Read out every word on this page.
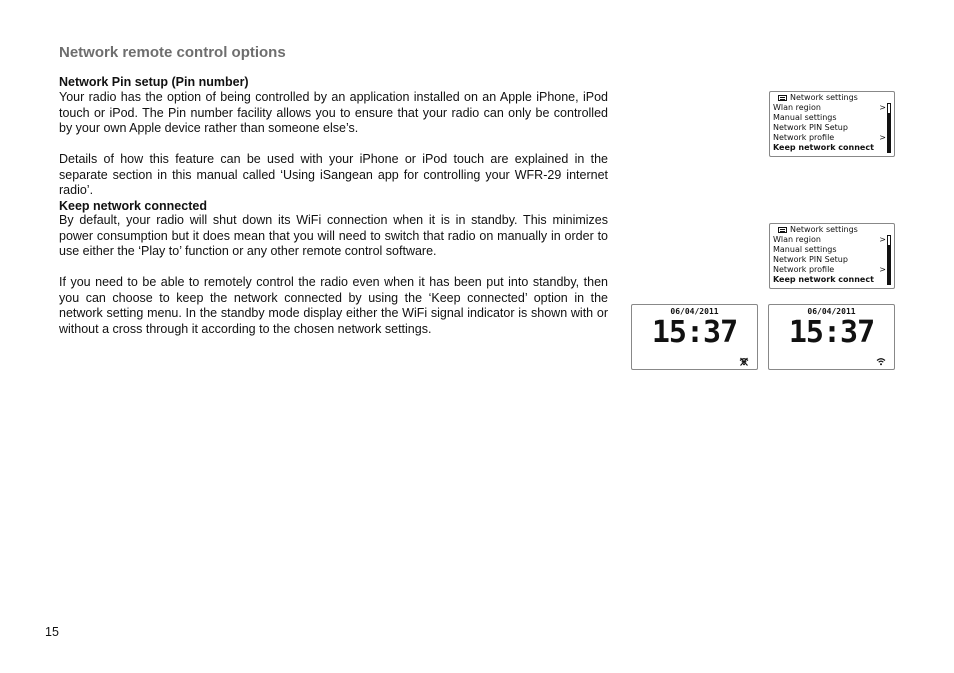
Network remote control options
Network Pin setup (Pin number)

Your radio has the option of being controlled by an application installed on an Apple iPhone, iPod touch or iPod. The Pin number facility allows you to ensure that your radio can only be controlled by your own Apple device rather than someone else’s.

Details of how this feature can be used with your iPhone or iPod touch are explained in the separate section in this manual called ‘Using iSangean app for controlling your WFR-29 internet radio’.

Keep network connected

By default, your radio will shut down its WiFi connection when it is in standby. This minimizes power consumption but it does mean that you will need to switch that radio on manually in order to use either the ‘Play to’ function or any other remote control software.

If you need to be able to remotely control the radio even when it has been put into standby, then you can choose to keep the network connected by using the ‘Keep connected’ option in the network setting menu. In the standby mode display either the WiFi signal indicator is shown with or without a cross through it according to the chosen network settings.

15
Network settings
Wlan region	>
Manual settings
Network PIN Setup
Network profile	>
Keep network connect
Network settings
Wlan region	>
Manual settings
Network PIN Setup
Network profile	>
Keep network connect
06/04/2011
15:37
06/04/2011
15:37
